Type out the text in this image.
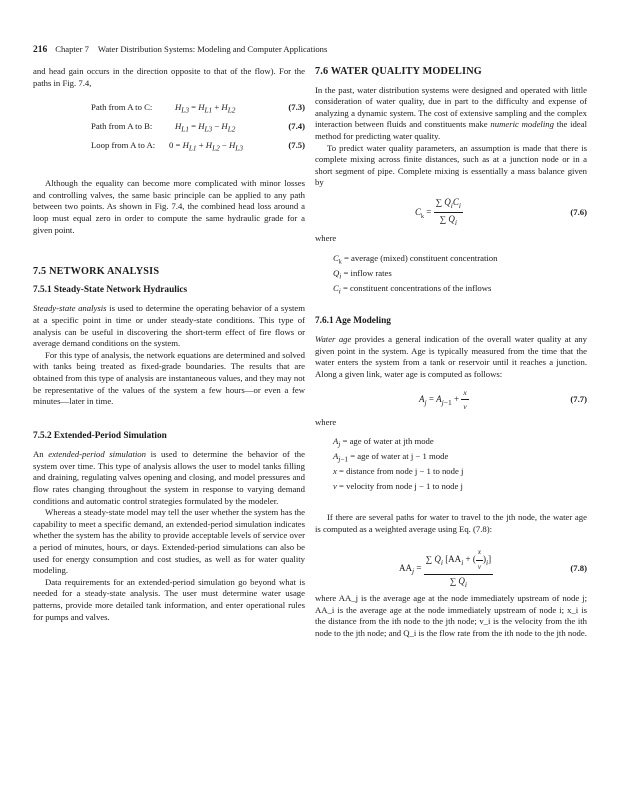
216 Chapter 7 Water Distribution Systems: Modeling and Computer Applications

and head gain occurs in the direction opposite to that of the flow). For the paths in Fig. 7.4,

Path from A to C:	$H_{L3} = H_{L1} + H_{L2}$	(7.3)
Path from A to B:	$H_{L1} = H_{L3} - H_{L2}$	(7.4)
Loop from A to A: $0 = H_{L1} + H_{L2} - H_{L3}$	(7.5)

Although the equality can become more complicated with minor losses and controlling valves, the same basic principle can be applied to any path between two points. As shown in Fig. 7.4, the combined head loss around a loop must equal zero in order to compute the same hydraulic grade for a given point.

7.5 NETWORK ANALYSIS
7.5.1 Steady-State Network Hydraulics

Steady-state analysis is used to determine the operating behavior of a system at a specific point in time or under steady-state conditions. This type of analysis can be useful in discovering the short-term effect of fire flows or average demand conditions on the system.

For this type of analysis, the network equations are determined and solved with tanks being treated as fixed-grade boundaries. The results that are obtained from this type of analysis are instantaneous values, and they may not be representative of the values of the system a few hours—or even a few minutes—later in time.

7.5.2 Extended-Period Simulation

An extended-period simulation is used to determine the behavior of the system over time. This type of analysis allows the user to model tanks filling and draining, regulating valves opening and closing, and model pressures and flow rates changing throughout the system in response to varying demand conditions and automatic control strategies formulated by the modeler.

Whereas a steady-state model may tell the user whether the system has the capability to meet a specific demand, an extended-period simulation indicates whether the system has the ability to provide acceptable levels of service over a period of minutes, hours, or days. Extended-period simulations can also be used for energy consumption and cost studies, as well as for water quality modeling.

Data requirements for an extended-period simulation go beyond what is needed for a steady-state analysis. The user must determine water usage patterns, provide more detailed tank information, and enter operational rules for pumps and valves.

7.6 WATER QUALITY MODELING

In the past, water distribution systems were designed and operated with little consideration of water quality, due in part to the difficulty and expense of analyzing a dynamic system. The cost of extensive sampling and the complex interaction between fluids and constituents make numeric modeling the ideal method for predicting water quality.

To predict water quality parameters, an assumption is made that there is complete mixing across finite distances, such as at a junction node or in a short segment of pipe. Complete mixing is essentially a mass balance given by

$C_k = \frac{\sum Q_iC_i}{\sum Q_i}$	(7.6)

where

$C_k$ = average (mixed) constituent concentration
$Q_i$ = inflow rates
$C_i$ = constituent concentrations of the inflows
7.6.1 Age Modeling

Water age provides a general indication of the overall water quality at any given point in the system. Age is typically measured from the time that the water enters the system from a tank or reservoir until it reaches a junction. Along a given link, water age is computed as follows:

$A_j = A_{j-1} + \frac{x}{v}$	(7.7)

where

$A_j$ = age of water at jth mode
$A_{j-1}$ = age of water at j − 1 mode
x = distance from node j − 1 to node j
v = velocity from node j − 1 to node j

If there are several paths for water to travel to the jth node, the water age is computed as a weighted average using Eq. (7.8):

$AA_j = \frac{\sum Q_i [AA_i + ( \frac{x}{v} )_i]}{\sum Q_i}$	(7.8)

where AA_j is the average age at the node immediately upstream of node j; AA_i is the average age at the node immediately upstream of node i; x_i is the distance from the ith node to the jth node; v_i is the velocity from the ith node to the jth node; and Q_i is the flow rate from the ith node to the jth node.
